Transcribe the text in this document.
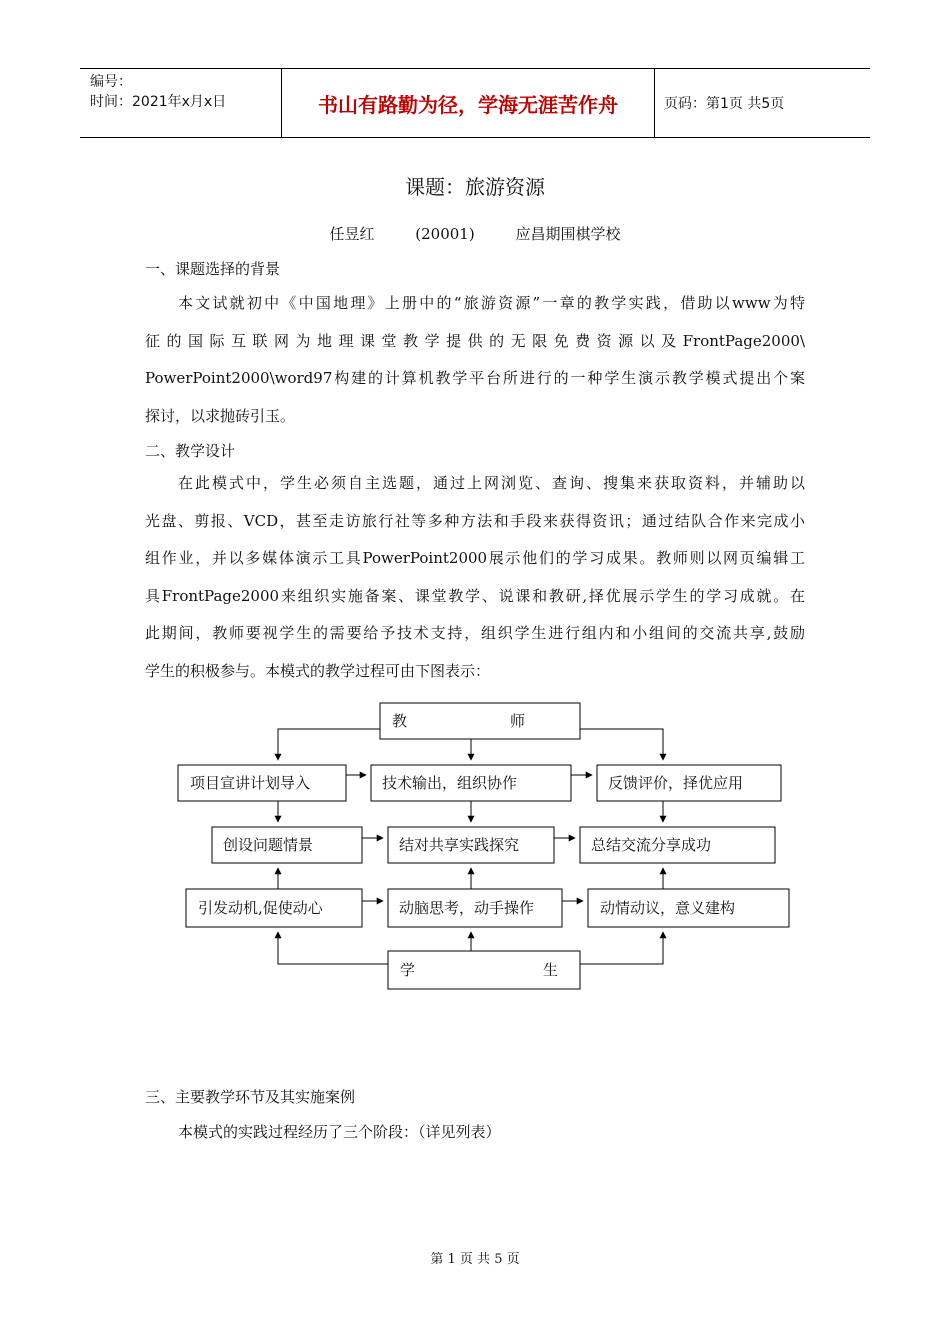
编号：
时间：2021年x月x日	书山有路勤为径，学海无涯苦作舟	页码：第1页 共5页
课题：旅游资源
任昱红	(20001)	应昌期围棋学校
一、课题选择的背景
本文试就初中《中国地理》上册中的“旅游资源”一章的教学实践，借助以www为特
征的国际互联网为地理课堂教学提供的无限免费资源以及FrontPage2000\
PowerPoint2000\word97构建的计算机教学平台所进行的一种学生演示教学模式提出个案
探讨，以求抛砖引玉。
二、教学设计
在此模式中，学生必须自主选题，通过上网浏览、查询、搜集来获取资料，并辅助以
光盘、剪报、VCD，甚至走访旅行社等多种方法和手段来获得资讯；通过结队合作来完成小
组作业，并以多媒体演示工具PowerPoint2000展示他们的学习成果。教师则以网页编辑工
具FrontPage2000来组织实施备案、课堂教学、说课和教研,择优展示学生的学习成就。在
此期间，教师要视学生的需要给予技术支持，组织学生进行组内和小组间的交流共享,鼓励
学生的积极参与。本模式的教学过程可由下图表示：
教	师
项目宣讲计划导入	技术输出，组织协作	反馈评价，择优应用
创设问题情景	结对共享实践探究	总结交流分享成功
引发动机,促使动心	动脑思考，动手操作	动情动议，意义建构
学	生
三、主要教学环节及其实施案例
本模式的实践过程经历了三个阶段：（详见列表）
第 1 页 共 5 页
